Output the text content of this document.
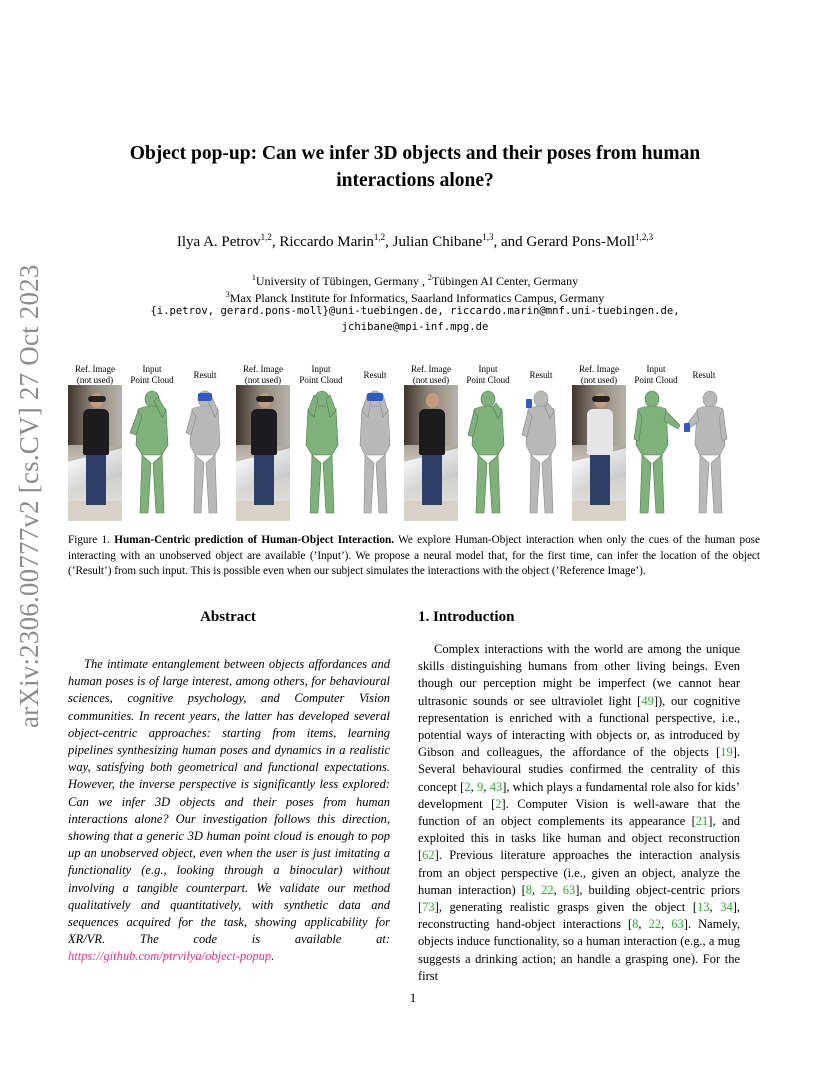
arXiv:2306.00777v2 [cs.CV] 27 Oct 2023
Object pop-up: Can we infer 3D objects and their poses from human
interactions alone?
Ilya A. Petrov$^{1,2}$, Riccardo Marin$^{1,2}$, Julian Chibane$^{1,3}$, and Gerard Pons-Moll$^{1,2,3}$
$^1$University of Tübingen, Germany , $^2$Tübingen AI Center, Germany
$^3$Max Planck Institute for Informatics, Saarland Informatics Campus, Germany
{i.petrov, gerard.pons-moll}@uni-tuebingen.de, riccardo.marin@mnf.uni-tuebingen.de,
jchibane@mpi-inf.mpg.de
Ref. Image
(not used)
Input
Point Cloud	Result
Ref. Image
(not used)
Input
Point Cloud	Result
Ref. Image
(not used)
Input
Point Cloud	Result
Ref. Image
(not used)
Input
Point Cloud	Result
Figure 1. Human-Centric prediction of Human-Object Interaction. We explore Human-Object interaction when only the cues of the human pose interacting with an unobserved object are available (’Input’). We propose a neural model that, for the first time, can infer the location of the object (’Result’) from such input. This is possible even when our subject simulates the interactions with the object (’Reference Image’).
Abstract
The intimate entanglement between objects affordances and human poses is of large interest, among others, for behavioural sciences, cognitive psychology, and Computer Vision communities. In recent years, the latter has developed several object-centric approaches: starting from items, learning pipelines synthesizing human poses and dynamics in a realistic way, satisfying both geometrical and functional expectations. However, the inverse perspective is significantly less explored: Can we infer 3D objects and their poses from human interactions alone? Our investigation follows this direction, showing that a generic 3D human point cloud is enough to pop up an unobserved object, even when the user is just imitating a functionality (e.g., looking through a binocular) without involving a tangible counterpart. We validate our method qualitatively and quantitatively, with synthetic data and sequences acquired for the task, showing applicability for XR/VR. The code is available at: https://github.com/ptrvilya/object-popup.
1. Introduction
Complex interactions with the world are among the unique skills distinguishing humans from other living beings. Even though our perception might be imperfect (we cannot hear ultrasonic sounds or see ultraviolet light [49]), our cognitive representation is enriched with a functional perspective, i.e., potential ways of interacting with objects or, as introduced by Gibson and colleagues, the affordance of the objects [19]. Several behavioural studies confirmed the centrality of this concept [2, 9, 43], which plays a fundamental role also for kids’ development [2]. Computer Vision is well-aware that the function of an object complements its appearance [21], and exploited this in tasks like human and object reconstruction [62]. Previous literature approaches the interaction analysis from an object perspective (i.e., given an object, analyze the human interaction) [8, 22, 63], building object-centric priors [73], generating realistic grasps given the object [13, 34], reconstructing hand-object interactions [8, 22, 63]. Namely, objects induce functionality, so a human interaction (e.g., a mug suggests a drinking action; an handle a grasping one). For the first
1
